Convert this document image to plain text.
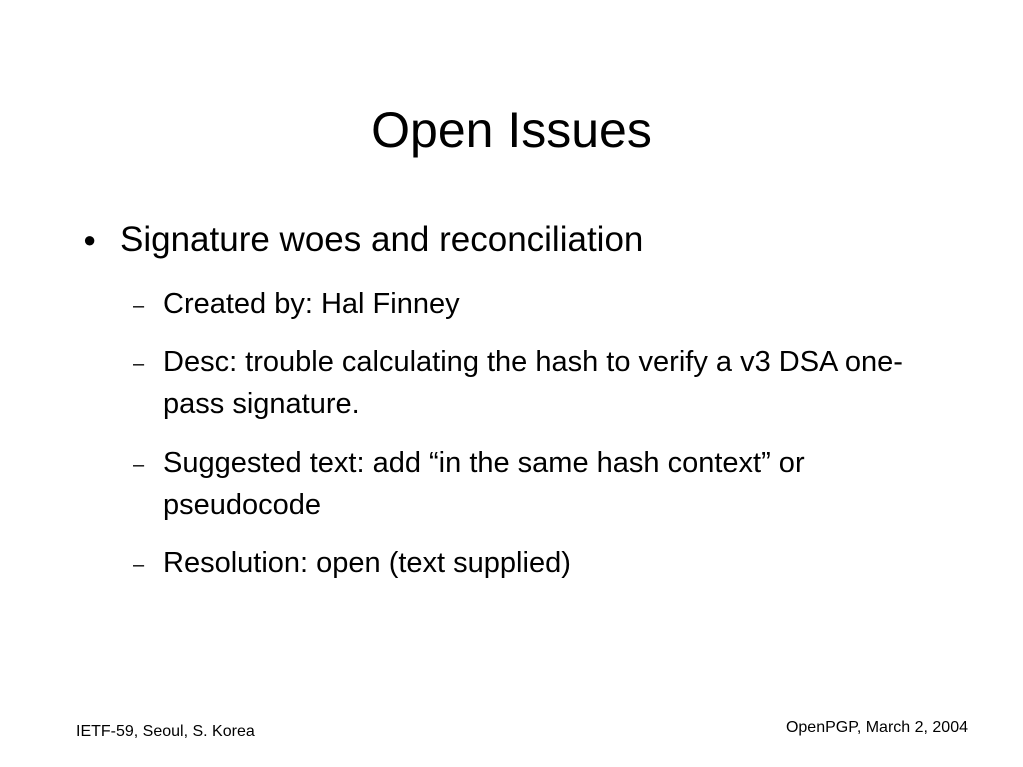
Open Issues
● Signature woes and reconciliation
– Created by: Hal Finney
– Desc: trouble calculating the hash to verify a v3 DSA one-pass signature.
– Suggested text: add “in the same hash context” or pseudocode
– Resolution: open (text supplied)
IETF-59, Seoul, S. Korea	OpenPGP, March 2, 2004
